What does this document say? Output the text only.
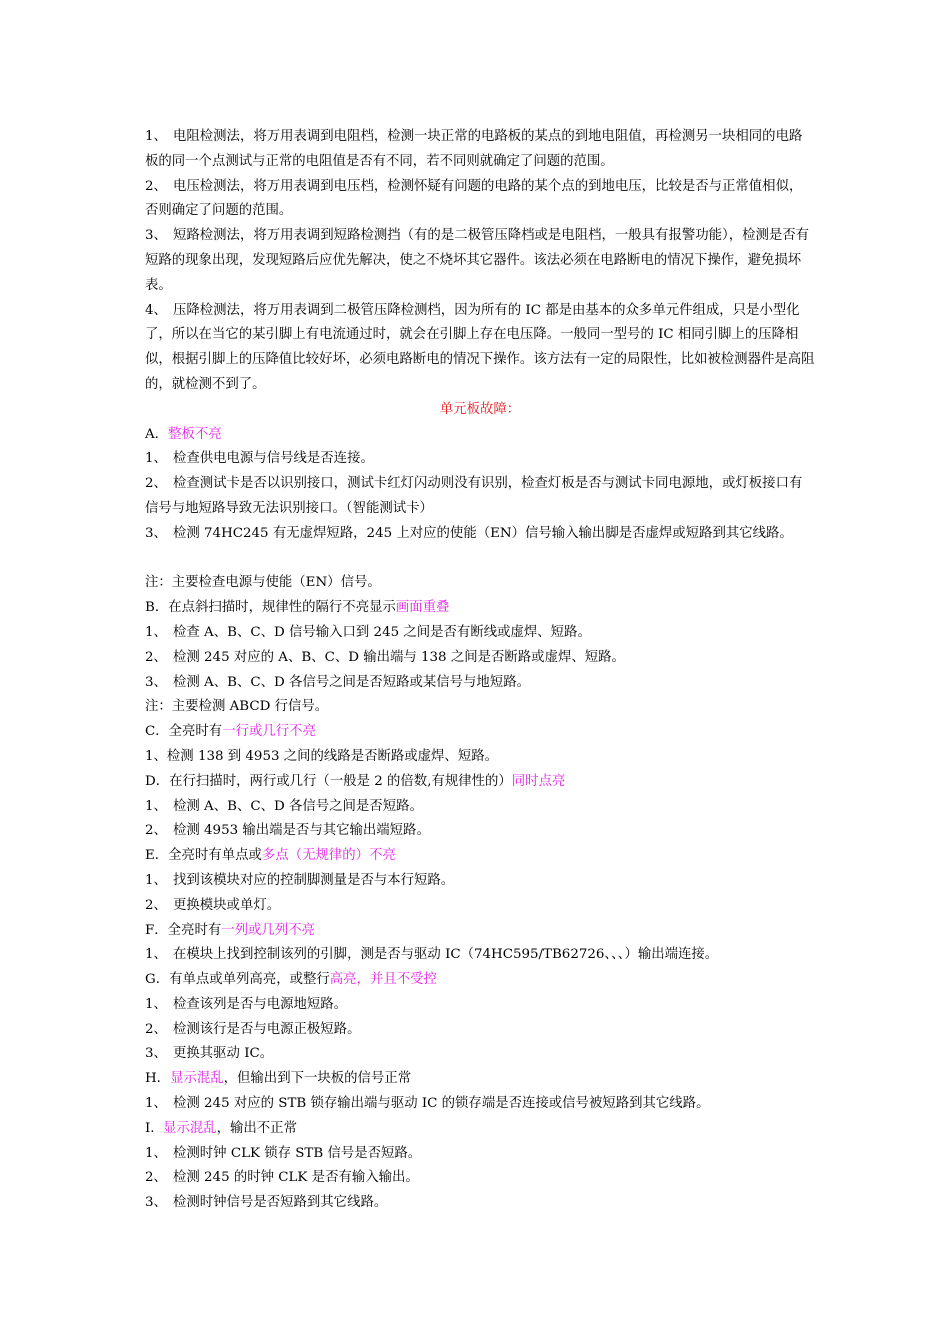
1、 电阻检测法，将万用表调到电阻档，检测一块正常的电路板的某点的到地电阻值，再检测另一块相同的电路板的同一个点测试与正常的电阻值是否有不同，若不同则就确定了问题的范围。

2、 电压检测法，将万用表调到电压档，检测怀疑有问题的电路的某个点的到地电压，比较是否与正常值相似，否则确定了问题的范围。

3、 短路检测法，将万用表调到短路检测挡（有的是二极管压降档或是电阻档，一般具有报警功能），检测是否有短路的现象出现，发现短路后应优先解决，使之不烧坏其它器件。该法必须在电路断电的情况下操作，避免损坏表。

4、 压降检测法，将万用表调到二极管压降检测档，因为所有的 IC 都是由基本的众多单元件组成，只是小型化了，所以在当它的某引脚上有电流通过时，就会在引脚上存在电压降。一般同一型号的 IC 相同引脚上的压降相似，根据引脚上的压降值比较好坏，必须电路断电的情况下操作。该方法有一定的局限性，比如被检测器件是高阻的，就检测不到了。

单元板故障：

A．整板不亮

1、 检查供电电源与信号线是否连接。

2、 检查测试卡是否以识别接口，测试卡红灯闪动则没有识别，检查灯板是否与测试卡同电源地，或灯板接口有信号与地短路导致无法识别接口。（智能测试卡）

3、 检测 74HC245 有无虚焊短路，245 上对应的使能（EN）信号输入输出脚是否虚焊或短路到其它线路。

注：主要检查电源与使能（EN）信号。

B．在点斜扫描时，规律性的隔行不亮显示画面重叠

1、 检查 A、B、C、D 信号输入口到 245 之间是否有断线或虚焊、短路。

2、 检测 245 对应的 A、B、C、D 输出端与 138 之间是否断路或虚焊、短路。

3、 检测 A、B、C、D 各信号之间是否短路或某信号与地短路。

注：主要检测 ABCD 行信号。

C．全亮时有一行或几行不亮

1、检测 138 到 4953 之间的线路是否断路或虚焊、短路。

D．在行扫描时，两行或几行（一般是 2 的倍数,有规律性的）同时点亮

1、 检测 A、B、C、D 各信号之间是否短路。

2、 检测 4953 输出端是否与其它输出端短路。

E．全亮时有单点或多点（无规律的）不亮

1、 找到该模块对应的控制脚测量是否与本行短路。

2、 更换模块或单灯。

F．全亮时有一列或几列不亮

1、 在模块上找到控制该列的引脚，测是否与驱动 IC（74HC595/TB62726、、、）输出端连接。

G．有单点或单列高亮，或整行高亮，并且不受控

1、 检查该列是否与电源地短路。

2、 检测该行是否与电源正极短路。

3、 更换其驱动 IC。

H．显示混乱，但输出到下一块板的信号正常

1、 检测 245 对应的 STB 锁存输出端与驱动 IC 的锁存端是否连接或信号被短路到其它线路。

I.  显示混乱，输出不正常

1、 检测时钟 CLK 锁存 STB 信号是否短路。

2、 检测 245 的时钟 CLK 是否有输入输出。

3、 检测时钟信号是否短路到其它线路。
